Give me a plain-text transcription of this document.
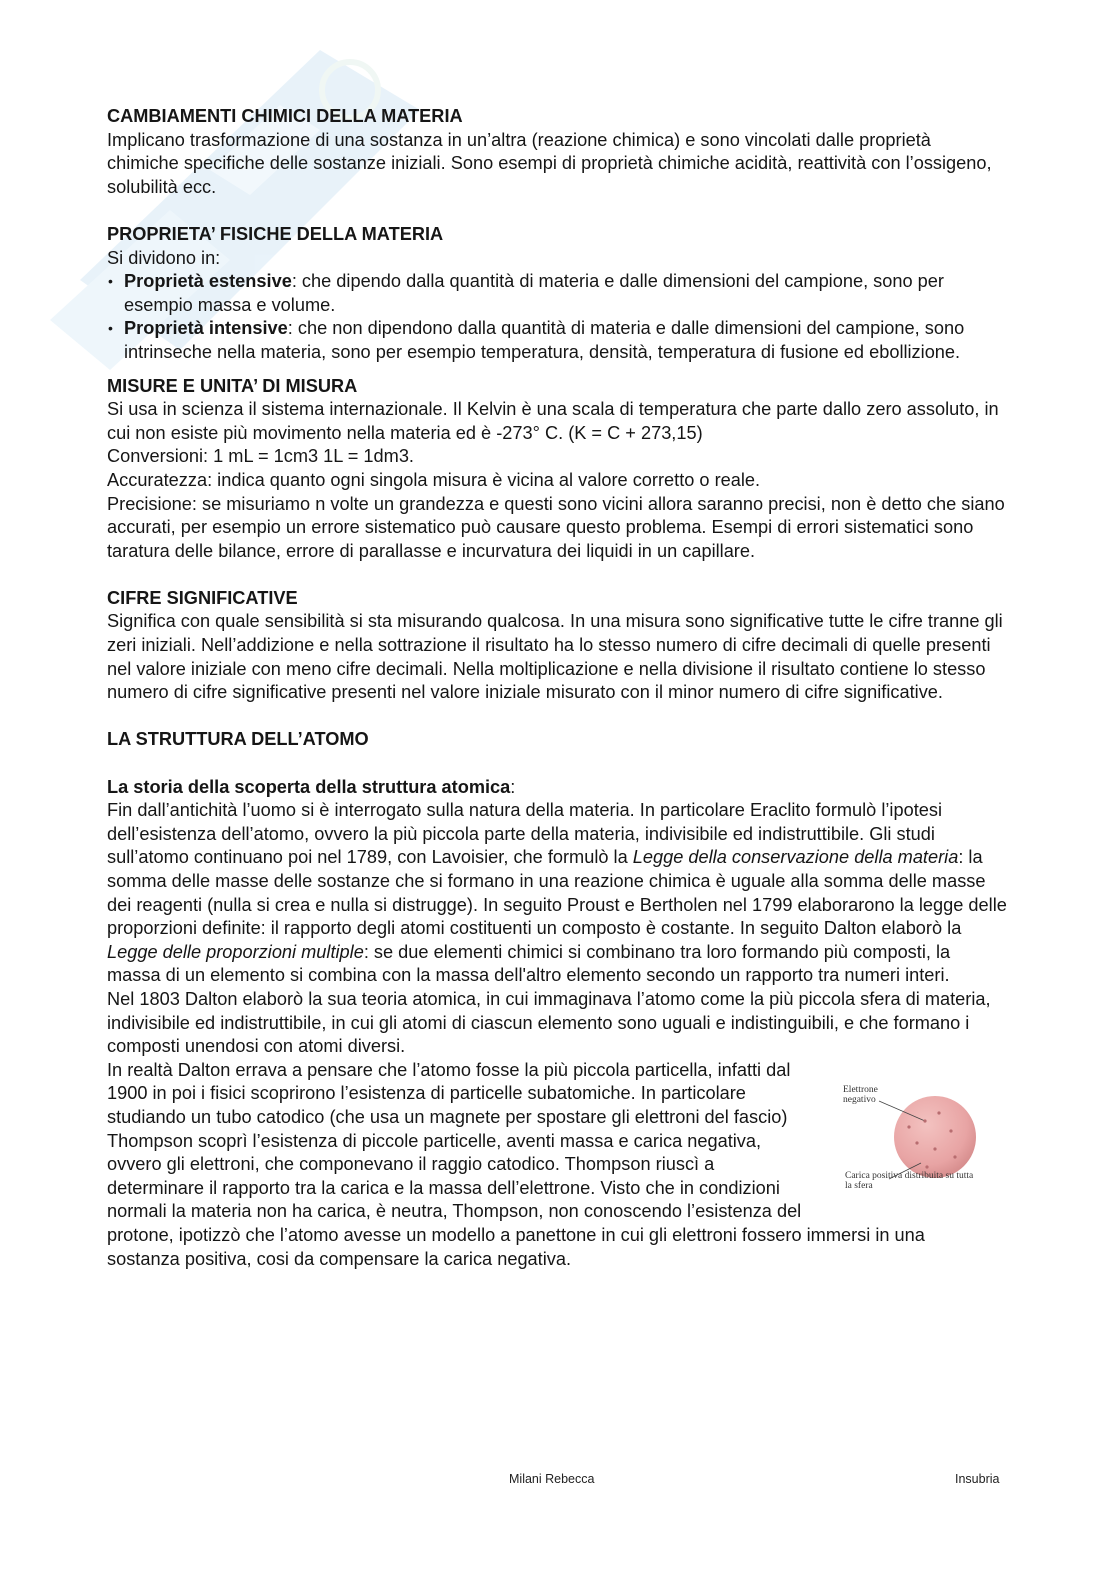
CAMBIAMENTI CHIMICI DELLA MATERIA

Implicano trasformazione di una sostanza in un’altra (reazione chimica) e sono vincolati dalle proprietà chimiche specifiche delle sostanze iniziali. Sono esempi di proprietà chimiche acidità, reattività con l’ossigeno, solubilità ecc.

PROPRIETA’ FISICHE DELLA MATERIA

Si dividono in:

• Proprietà estensive: che dipendo dalla quantità di materia e dalle dimensioni del campione, sono per esempio massa e volume.
• Proprietà intensive: che non dipendono dalla quantità di materia e dalle dimensioni del campione, sono intrinseche nella materia, sono per esempio temperatura, densità, temperatura di fusione ed ebollizione.
MISURE E UNITA’ DI MISURA

Si usa in scienza il sistema internazionale. Il Kelvin è una scala di temperatura che parte dallo zero assoluto, in cui non esiste più movimento nella materia ed è -273° C. (K = C + 273,15)

Conversioni: 1 mL = 1cm3 1L = 1dm3.

Accuratezza: indica quanto ogni singola misura è vicina al valore corretto o reale.

Precisione: se misuriamo n volte un grandezza e questi sono vicini allora saranno precisi, non è detto che siano accurati, per esempio un errore sistematico può causare questo problema. Esempi di errori sistematici sono taratura delle bilance, errore di parallasse e incurvatura dei liquidi in un capillare.

CIFRE SIGNIFICATIVE

Significa con quale sensibilità si sta misurando qualcosa. In una misura sono significative tutte le cifre tranne gli zeri iniziali. Nell’addizione e nella sottrazione il risultato ha lo stesso numero di cifre decimali di quelle presenti nel valore iniziale con meno cifre decimali. Nella moltiplicazione e nella divisione il risultato contiene lo stesso numero di cifre significative presenti nel valore iniziale misurato con il minor numero di cifre significative.

LA STRUTTURA DELL’ATOMO

La storia della scoperta della struttura atomica:

Fin dall’antichità l’uomo si è interrogato sulla natura della materia. In particolare Eraclito formulò l’ipotesi dell’esistenza dell’atomo, ovvero la più piccola parte della materia, indivisibile ed indistruttibile. Gli studi sull’atomo continuano poi nel 1789, con Lavoisier, che formulò la Legge della conservazione della materia: la somma delle masse delle sostanze che si formano in una reazione chimica è uguale alla somma delle masse dei reagenti (nulla si crea e nulla si distrugge). In seguito Proust e Bertholen nel 1799 elaborarono la legge delle proporzioni definite: il rapporto degli atomi costituenti un composto è costante. In seguito Dalton elaborò la Legge delle proporzioni multiple: se due elementi chimici si combinano tra loro formando più composti, la massa di un elemento si combina con la massa dell'altro elemento secondo un rapporto tra numeri interi.

Nel 1803 Dalton elaborò la sua teoria atomica, in cui immaginava l’atomo come la più piccola sfera di materia, indivisibile ed indistruttibile, in cui gli atomi di ciascun elemento sono uguali e indistinguibili, e che formano i composti unendosi con atomi diversi.

Elettrone negativo
Carica positiva distribuita su tutta la sfera

In realtà Dalton errava a pensare che l’atomo fosse la più piccola particella, infatti dal 1900 in poi i fisici scoprirono l’esistenza di particelle subatomiche. In particolare studiando un tubo catodico (che usa un magnete per spostare gli elettroni del fascio) Thompson scoprì l’esistenza di piccole particelle, aventi massa e carica negativa, ovvero gli elettroni, che componevano il raggio catodico. Thompson riuscì a determinare il rapporto tra la carica e la massa dell’elettrone. Visto che in condizioni normali la materia non ha carica, è neutra, Thompson, non conoscendo l’esistenza del protone, ipotizzò che l’atomo avesse un modello a panettone in cui gli elettroni fossero immersi in una sostanza positiva, cosi da compensare la carica negativa.

Milani Rebecca	Insubria
